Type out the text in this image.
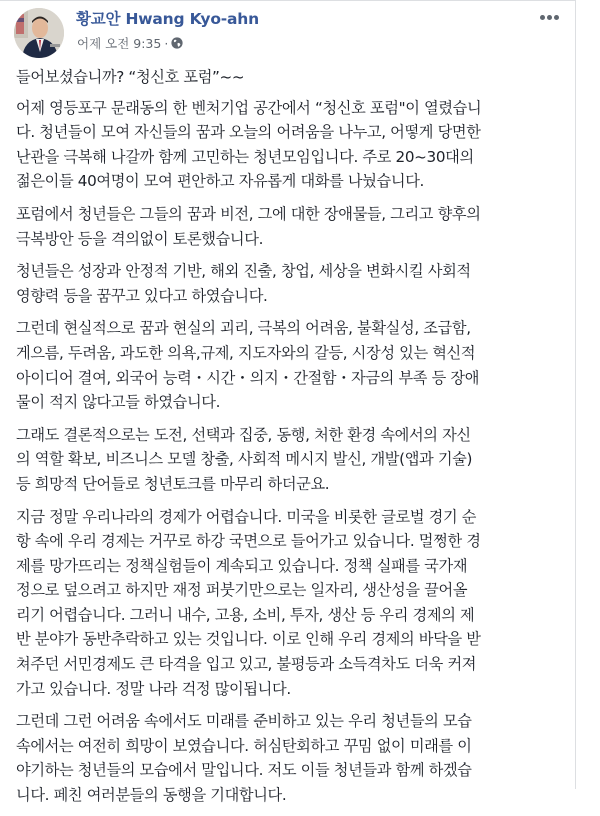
황교안 Hwang Kyo-ahn
어제 오전 9:35 ·

들어보셨습니까? “청신호 포럼”~~

어제 영등포구 문래동의 한 벤처기업 공간에서 “청신호 포럼"이 열렸습니
다. 청년들이 모여 자신들의 꿈과 오늘의 어려움을 나누고, 어떻게 당면한
난관을 극복해 나갈까 함께 고민하는 청년모임입니다. 주로 20~30대의
젊은이들 40여명이 모여 편안하고 자유롭게 대화를 나눴습니다.

포럼에서 청년들은 그들의 꿈과 비전, 그에 대한 장애물들, 그리고 향후의
극복방안 등을 격의없이 토론했습니다.

청년들은 성장과 안정적 기반, 해외 진출, 창업, 세상을 변화시킬 사회적
영향력 등을 꿈꾸고 있다고 하였습니다.

그런데 현실적으로 꿈과 현실의 괴리, 극복의 어려움, 불확실성, 조급함,
게으름, 두려움, 과도한 의욕,규제, 지도자와의 갈등, 시장성 있는 혁신적
아이디어 결여, 외국어 능력・시간・의지・간절함・자금의 부족 등 장애
물이 적지 않다고들 하였습니다.

그래도 결론적으로는 도전, 선택과 집중, 동행, 처한 환경 속에서의 자신
의 역할 확보, 비즈니스 모델 창출, 사회적 메시지 발신, 개발(앱과 기술)
등 희망적 단어들로 청년토크를 마무리 하더군요.

지금 정말 우리나라의 경제가 어렵습니다. 미국을 비롯한 글로벌 경기 순
항 속에 우리 경제는 거꾸로 하강 국면으로 들어가고 있습니다. 멀쩡한 경
제를 망가뜨리는 정책실험들이 계속되고 있습니다. 정책 실패를 국가재
정으로 덮으려고 하지만 재정 퍼붓기만으로는 일자리, 생산성을 끌어올
리기 어렵습니다. 그러니 내수, 고용, 소비, 투자, 생산 등 우리 경제의 제
반 분야가 동반추락하고 있는 것입니다. 이로 인해 우리 경제의 바닥을 받
쳐주던 서민경제도 큰 타격을 입고 있고, 불평등과 소득격차도 더욱 커져
가고 있습니다. 정말 나라 걱정 많이됩니다.

그런데 그런 어려움 속에서도 미래를 준비하고 있는 우리 청년들의 모습
속에서는 여전히 희망이 보였습니다. 허심탄회하고 꾸밈 없이 미래를 이
야기하는 청년들의 모습에서 말입니다. 저도 이들 청년들과 함께 하겠습
니다. 페친 여러분들의 동행을 기대합니다.
